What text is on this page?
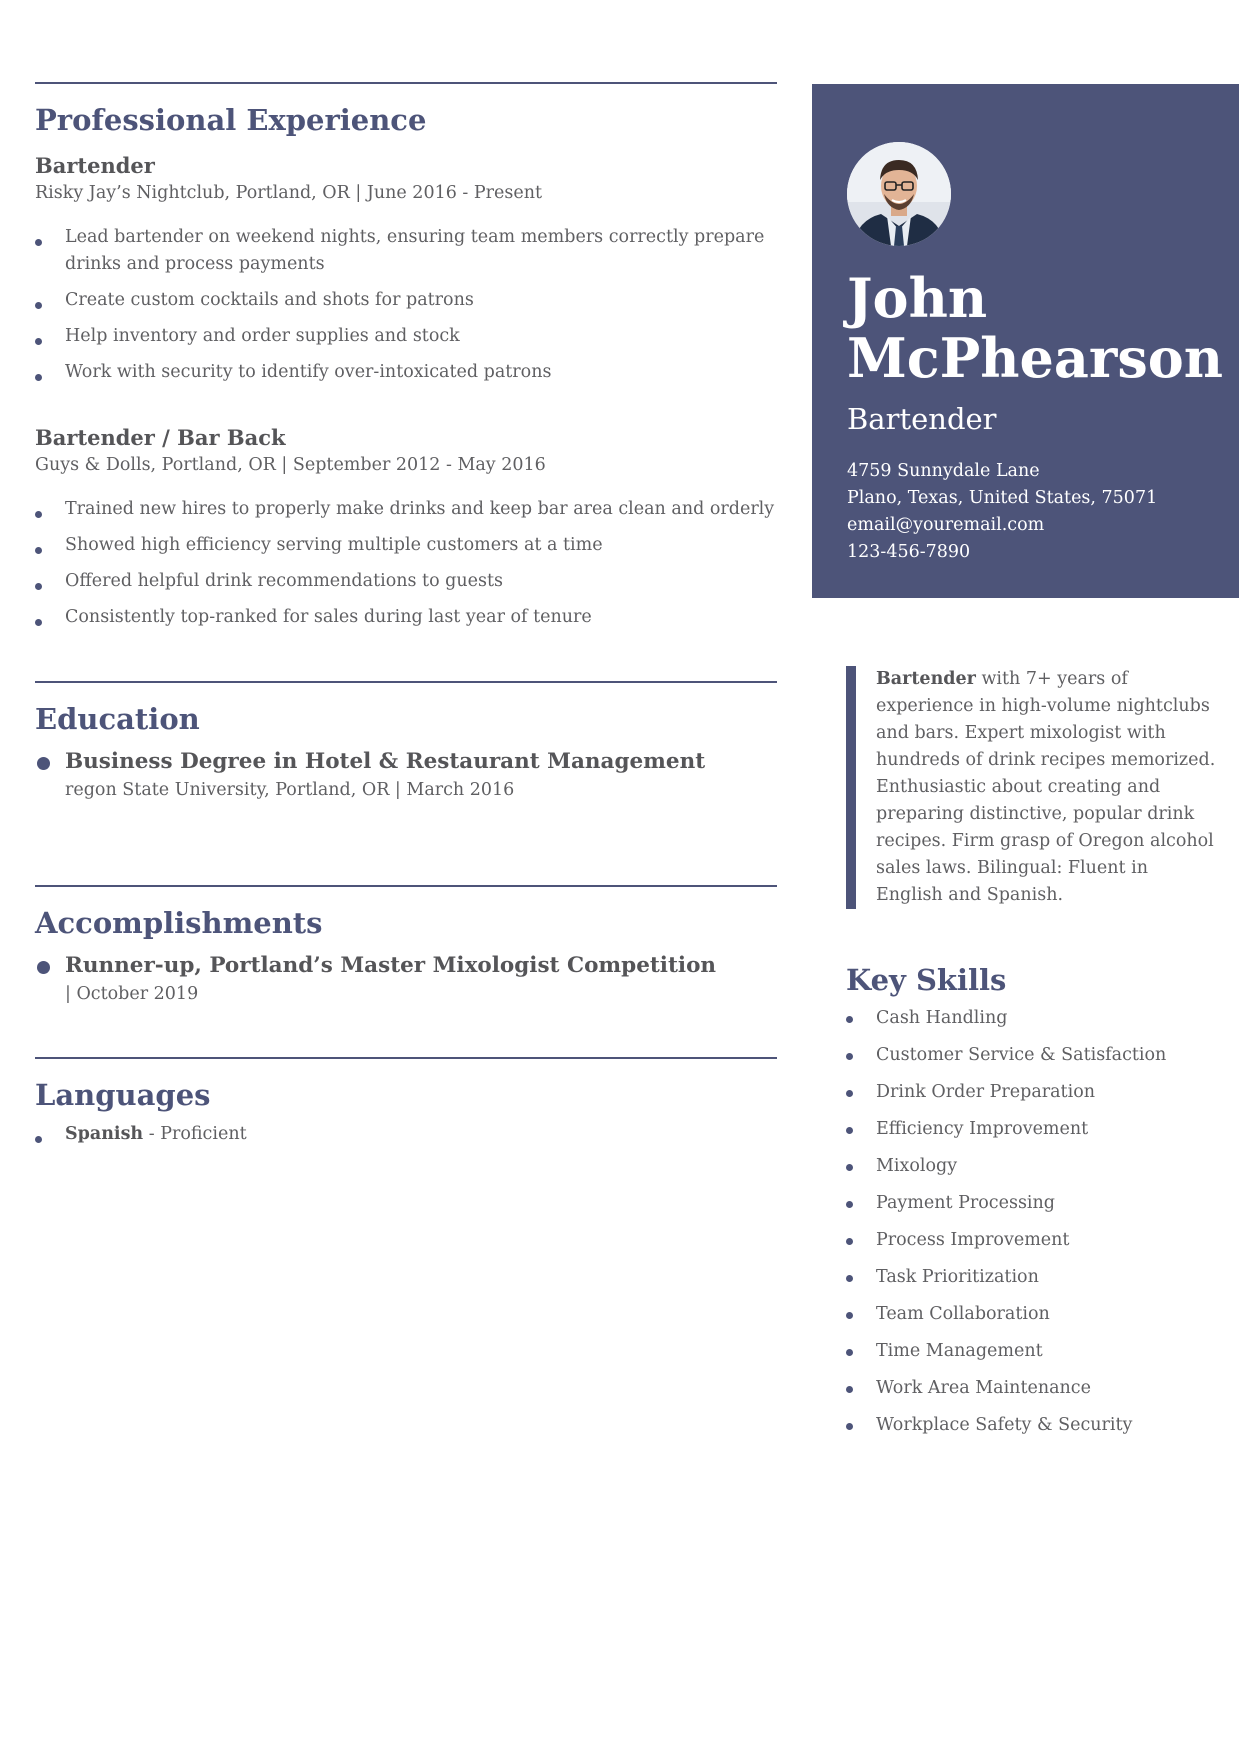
Professional Experience
Bartender
Risky Jay’s Nightclub, Portland, OR | June 2016 - Present
Lead bartender on weekend nights, ensuring team members correctly prepare drinks and process payments
Create custom cocktails and shots for patrons
Help inventory and order supplies and stock
Work with security to identify over-intoxicated patrons
Bartender / Bar Back
Guys & Dolls, Portland, OR | September 2012 - May 2016
Trained new hires to properly make drinks and keep bar area clean and orderly
Showed high efficiency serving multiple customers at a time
Offered helpful drink recommendations to guests
Consistently top-ranked for sales during last year of tenure
Education
Business Degree in Hotel & Restaurant Management
regon State University, Portland, OR | March 2016
Accomplishments
Runner-up, Portland’s Master Mixologist Competition
| October 2019
Languages
Spanish - Proficient
John
McPhearson
Bartender
4759 Sunnydale Lane
Plano, Texas, United States, 75071
email@youremail.com
123-456-7890
Bartender with 7+ years of experience in high-volume nightclubs and bars. Expert mixologist with hundreds of drink recipes memorized. Enthusiastic about creating and preparing distinctive, popular drink recipes. Firm grasp of Oregon alcohol sales laws. Bilingual: Fluent in English and Spanish.
Key Skills
Cash Handling
Customer Service & Satisfaction
Drink Order Preparation
Efficiency Improvement
Mixology
Payment Processing
Process Improvement
Task Prioritization
Team Collaboration
Time Management
Work Area Maintenance
Workplace Safety & Security
